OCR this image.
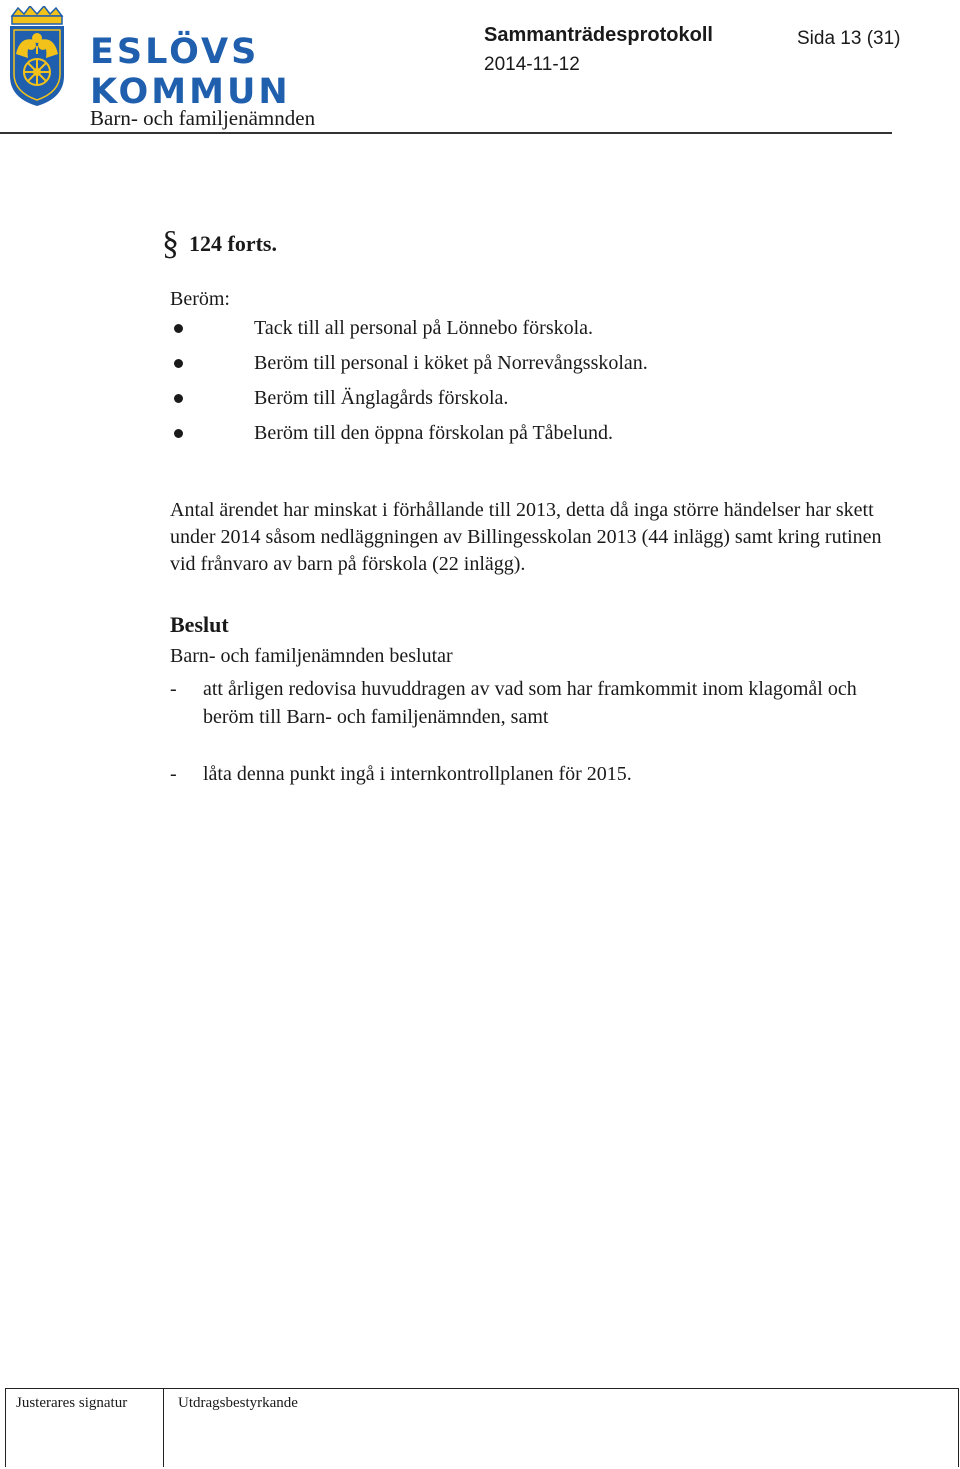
ESLÖVS
KOMMUN
Barn- och familjenämnden
Sammanträdesprotokoll	Sida 13 (31)
2014-11-12
§ 124 forts.
Beröm:
Tack till all personal på Lönnebo förskola.
Beröm till personal i köket på Norrevångsskolan.
Beröm till Änglagårds förskola.
Beröm till den öppna förskolan på Tåbelund.
Antal ärendet har minskat i förhållande till 2013, detta då inga större händelser har skett under 2014 såsom nedläggningen av Billingesskolan 2013 (44 inlägg) samt kring rutinen vid frånvaro av barn på förskola (22 inlägg).
Beslut
Barn- och familjenämnden beslutar
- att årligen redovisa huvuddragen av vad som har framkommit inom klagomål och beröm till Barn- och familjenämnden, samt
- låta denna punkt ingå i internkontrollplanen för 2015.
Justerares signatur	Utdragsbestyrkande
